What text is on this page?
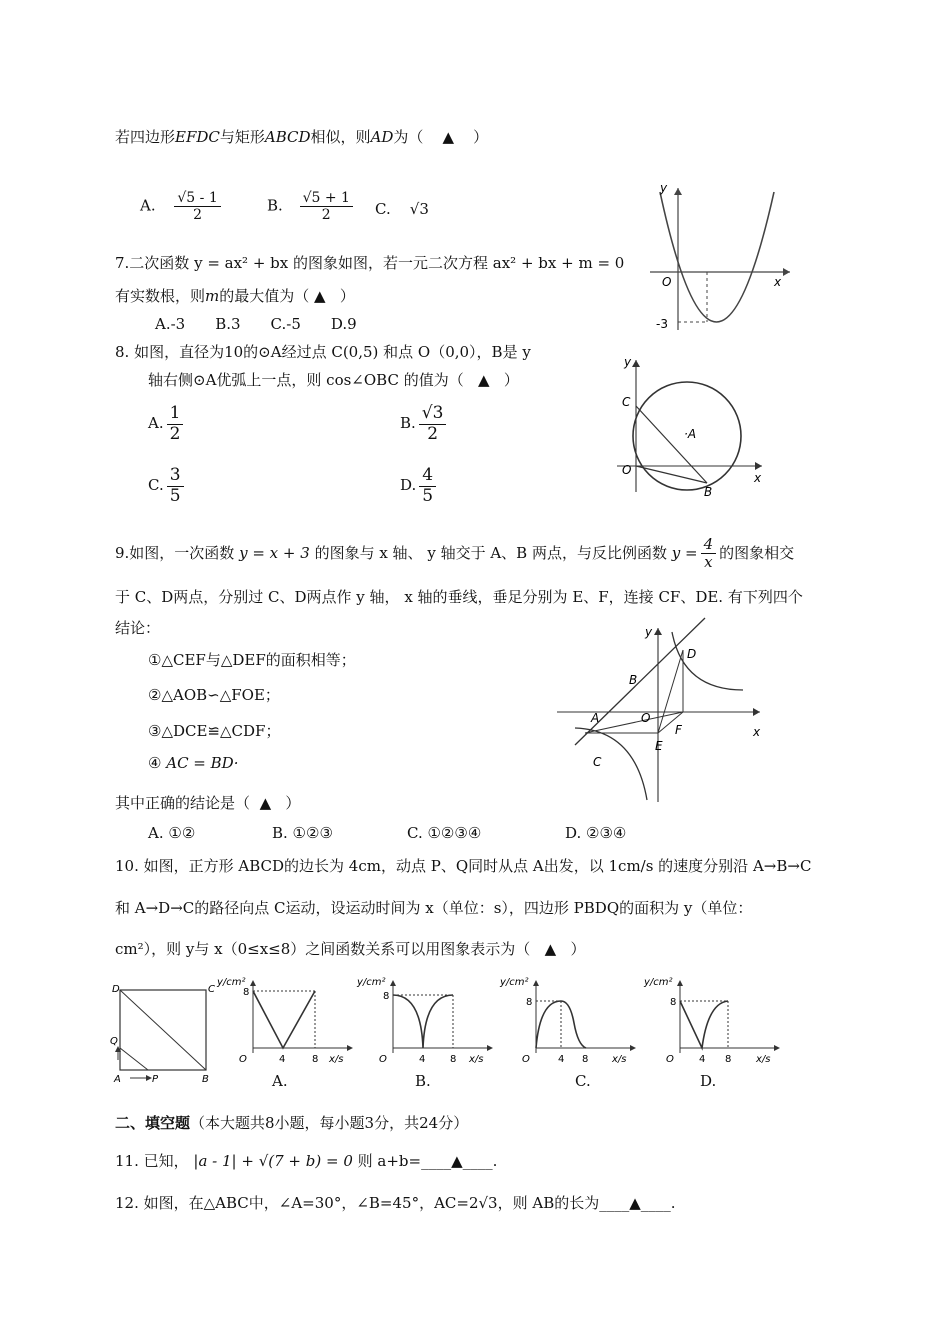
若四边形EFDC与矩形ABCD相似，则AD为（ ▲ ）
A. $\frac{√5 - 1}{2}$	B. $\frac{√5 + 1}{2} C$. √3
7.二次函数 y = ax² + bx 的图象如图，若一元二次方程 ax² + bx + m = 0
有实数根，则m的最大值为（ ▲ ）
A.-3　　B.3　　C.-5　　D.9
y
x
O
-3
8. 如图，直径为10的⊙A经过点 C(0,5) 和点 O（0,0），B是 y
轴右侧⊙A优弧上一点，则 cos∠OBC 的值为（ ▲ ）
A. $\frac{1}{2}$	B. $\frac{√3}{2}$
C. $\frac{3}{5}$	D. $\frac{4}{5}$
y
x
C
O
·A
B
9.如图，一次函数 y = x + 3 的图象与 x 轴、 y 轴交于 A、B 两点，与反比例函数 $y = \frac{4}{x}$ 的图象相交
于 C、D两点，分别过 C、D两点作 y 轴， x 轴的垂线，垂足分别为 E、F，连接 CF、DE. 有下列四个
结论：
①△CEF与△DEF的面积相等；
②△AOB∽△FOE；
③△DCE≌△CDF；
④ AC = BD·
其中正确的结论是（ ▲ ）
A. ①②	B. ①②③	C. ①②③④	D. ②③④
y
x
D
B
A	O
F
E
C
10. 如图，正方形 ABCD的边长为 4cm，动点 P、Q同时从点 A出发，以 1cm/s 的速度分别沿 A→B→C
和 A→D→C的路径向点 C运动，设运动时间为 x（单位：s），四边形 PBDQ的面积为 y（单位：
cm²），则 y与 x（0≤x≤8）之间函数关系可以用图象表示为（ ▲ ）
D	C
Q
A	P	B
y/cm²
x/s
O
8
4	8
A.
y/cm²
x/s
O
8
4 8
B.
y/cm²
x/s
O
8
4 8
C.
y/cm²
x/s
O
8
4 8
D.
二、填空题（本大题共8小题，每小题3分，共24分）
11. 已知， |a - 1| + √(7 + b) = 0 则 a+b=____▲____.
12. 如图，在△ABC中，∠A=30°，∠B=45°，AC=2√3，则 AB的长为____▲____.
